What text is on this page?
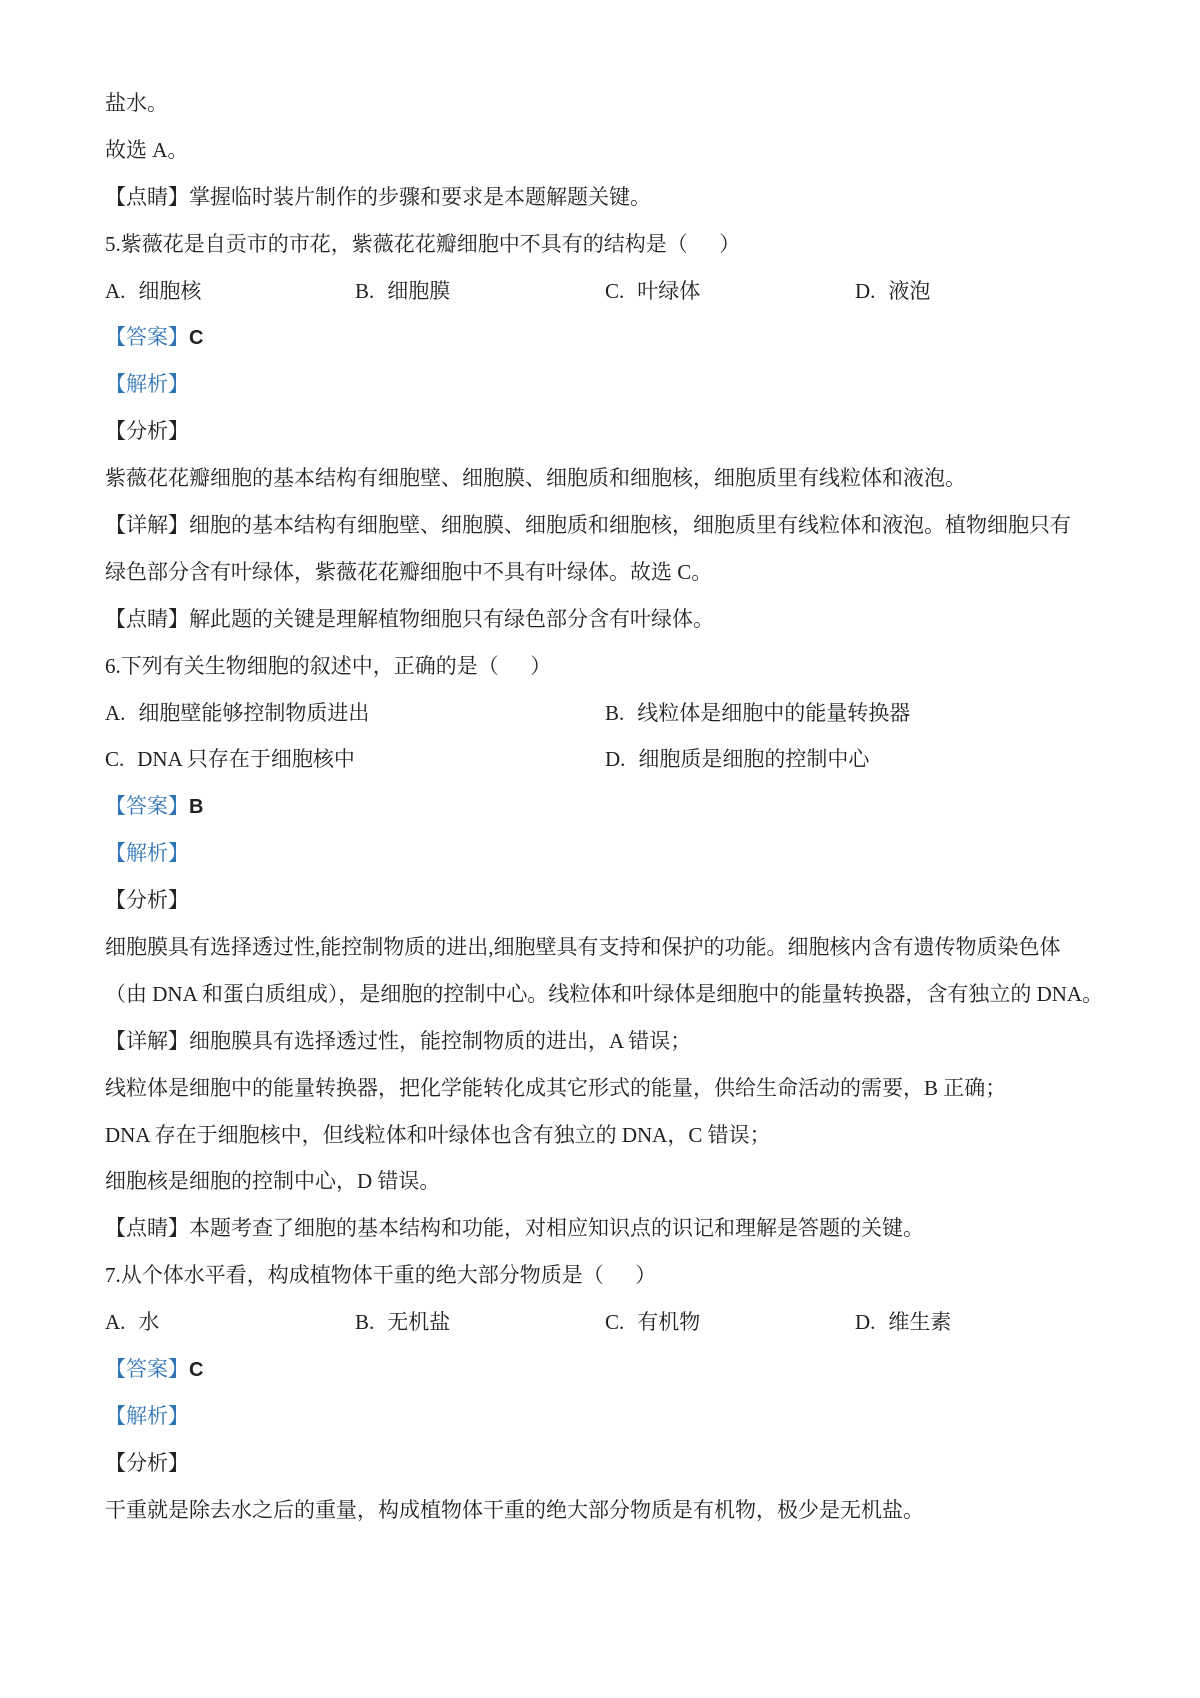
盐水。
故选 A。
【点睛】掌握临时装片制作的步骤和要求是本题解题关键。
5.紫薇花是自贡市的市花，紫薇花花瓣细胞中不具有的结构是（      ）
A. 细胞核	B. 细胞膜	C. 叶绿体	D. 液泡
【答案】C
【解析】
【分析】
紫薇花花瓣细胞的基本结构有细胞壁、细胞膜、细胞质和细胞核，细胞质里有线粒体和液泡。
【详解】细胞的基本结构有细胞壁、细胞膜、细胞质和细胞核，细胞质里有线粒体和液泡。植物细胞只有
绿色部分含有叶绿体，紫薇花花瓣细胞中不具有叶绿体。故选 C。
【点睛】解此题的关键是理解植物细胞只有绿色部分含有叶绿体。
6.下列有关生物细胞的叙述中，正确的是（      ）
A. 细胞壁能够控制物质进出	B. 线粒体是细胞中的能量转换器
C. DNA 只存在于细胞核中	D. 细胞质是细胞的控制中心
【答案】B
【解析】
【分析】
细胞膜具有选择透过性,能控制物质的进出,细胞壁具有支持和保护的功能。细胞核内含有遗传物质染色体
（由 DNA 和蛋白质组成），是细胞的控制中心。线粒体和叶绿体是细胞中的能量转换器，含有独立的 DNA。
【详解】细胞膜具有选择透过性，能控制物质的进出，A 错误；
线粒体是细胞中的能量转换器，把化学能转化成其它形式的能量，供给生命活动的需要，B 正确；
DNA 存在于细胞核中，但线粒体和叶绿体也含有独立的 DNA，C 错误；
细胞核是细胞的控制中心，D 错误。
【点睛】本题考查了细胞的基本结构和功能，对相应知识点的识记和理解是答题的关键。
7.从个体水平看，构成植物体干重的绝大部分物质是（      ）
A. 水	B. 无机盐	C. 有机物	D. 维生素
【答案】C
【解析】
【分析】
干重就是除去水之后的重量，构成植物体干重的绝大部分物质是有机物，极少是无机盐。
